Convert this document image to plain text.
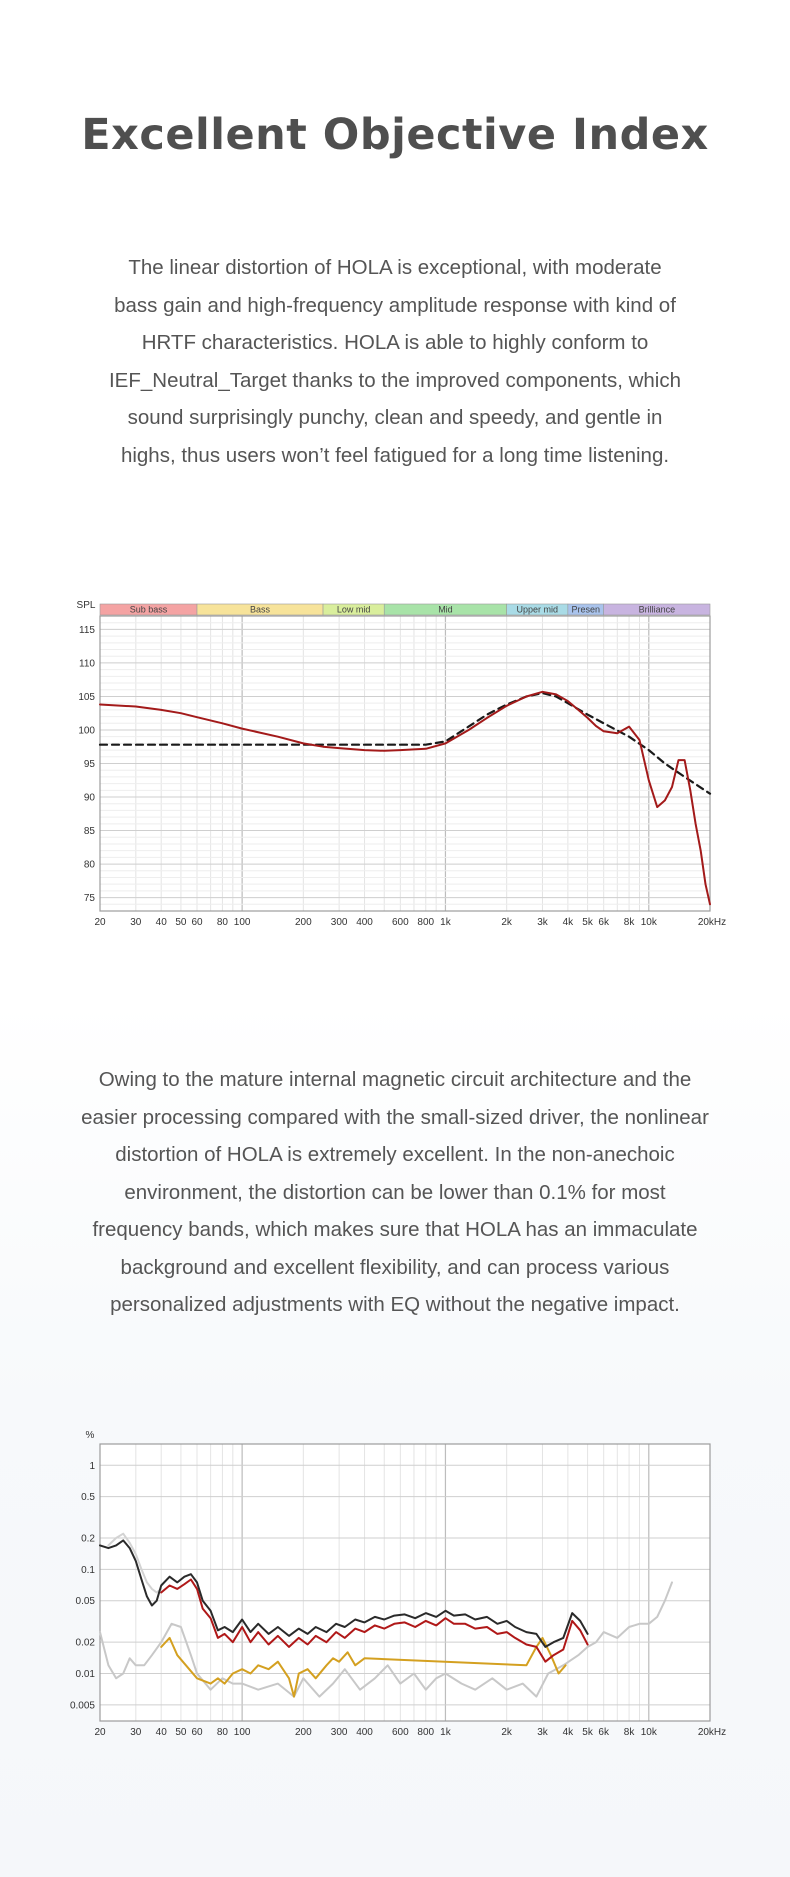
Excellent Objective Index
The linear distortion of HOLA is exceptional, with moderate
bass gain and high-frequency amplitude response with kind of
HRTF characteristics. HOLA is able to highly conform to
IEF_Neutral_Target thanks to the improved components, which
sound surprisingly punchy, clean and speedy, and gentle in
highs, thus users won’t feel fatigued for a long time listening.
75
80
85
90
95
100
105
110
115
Sub bass	Bass	Low mid	Mid	Upper mid Presen	Brilliance
SPL
20 30 40 50 60 80 100	200 300 400 600 800 1k	2k	3k 4k 5k 6k 8k 10k	20kHz
Owing to the mature internal magnetic circuit architecture and the
easier processing compared with the small-sized driver, the nonlinear
distortion of HOLA is extremely excellent. In the non-anechoic
environment, the distortion can be lower than 0.1% for most
frequency bands, which makes sure that HOLA has an immaculate
background and excellent flexibility, and can process various
personalized adjustments with EQ without the negative impact.
0.005
0.01
0.02
0.05
0.1
0.2
0.5
1
%
20 30 40 50 60 80 100	200 300 400 600 800 1k	2k	3k 4k 5k 6k 8k 10k	20kHz
